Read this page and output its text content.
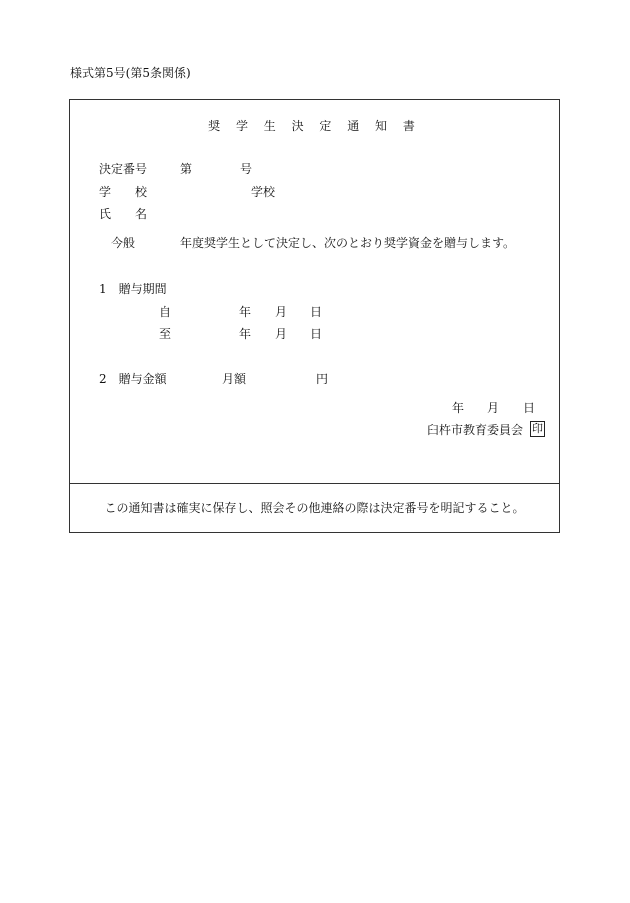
様式第5号(第5条関係)
奨 学 生 決 定 通 知 書
決定番号	第	号
学　　校	学校
氏　　名
今般	年度奨学生として決定し、次のとおり奨学資金を贈与します。
1　贈与期間
自	年 月 日
至	年 月 日
2　贈与金額	月額	円
年 月 日
臼杵市教育委員会 印
この通知書は確実に保存し、照会その他連絡の際は決定番号を明記すること。
